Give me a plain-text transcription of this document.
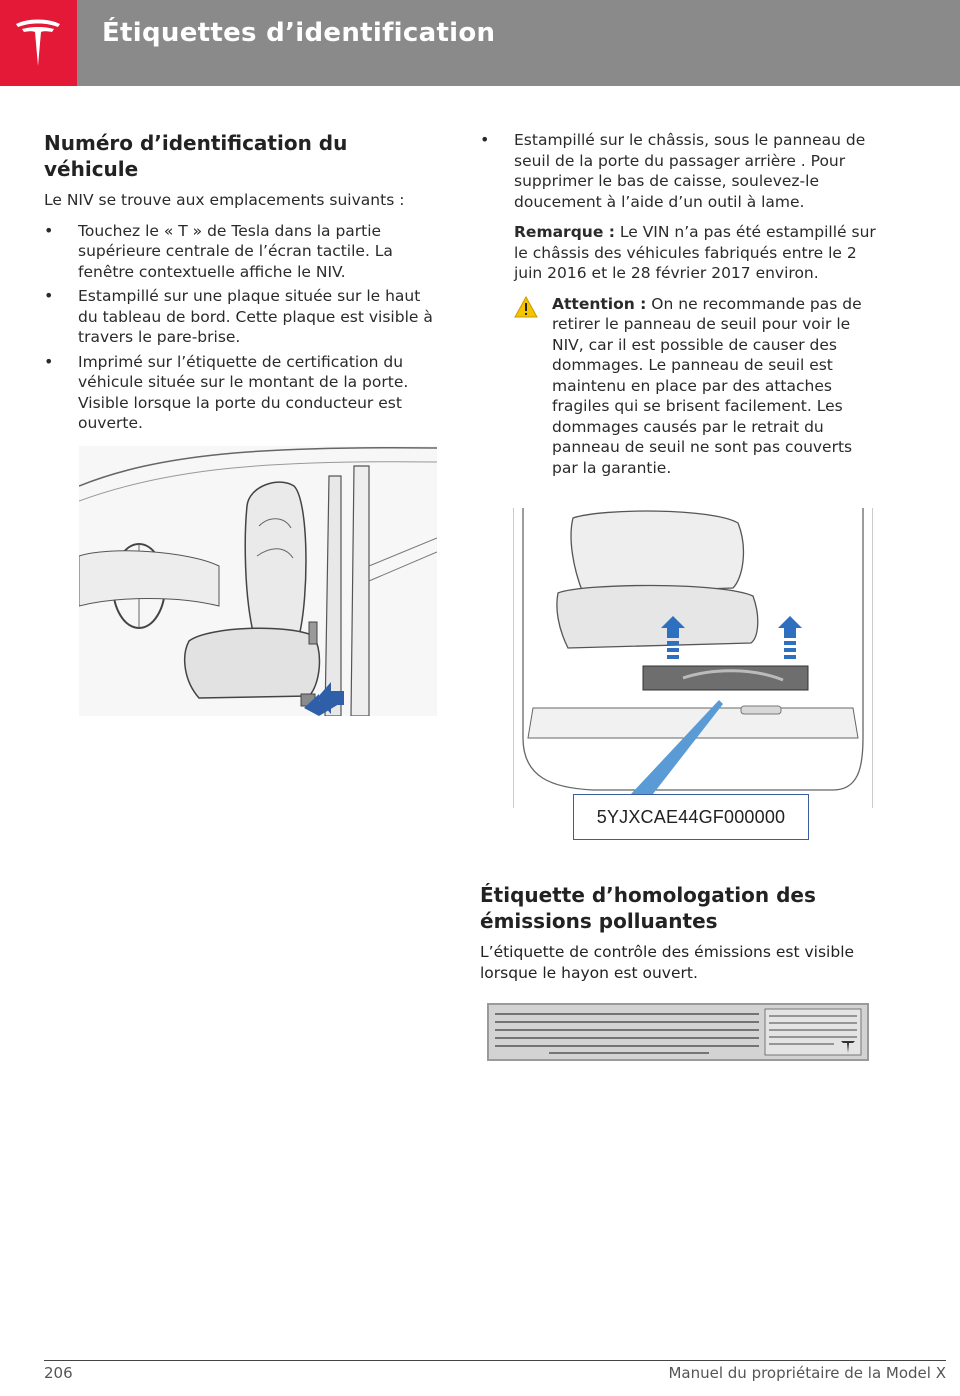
Étiquettes d’identification
Numéro d’identification du véhicule

Le NIV se trouve aux emplacements suivants :

• Touchez le « T » de Tesla dans la partie supérieure centrale de l’écran tactile. La fenêtre contextuelle affiche le NIV.
• Estampillé sur une plaque située sur le haut du tableau de bord. Cette plaque est visible à travers le pare-brise.
• Imprimé sur l’étiquette de certification du véhicule située sur le montant de la porte. Visible lorsque la porte du conducteur est ouverte.
• Estampillé sur le châssis, sous le panneau de seuil de la porte du passager arrière . Pour supprimer le bas de caisse, soulevez-le doucement à l’aide d’un outil à lame.

Remarque : Le VIN n’a pas été estampillé sur le châssis des véhicules fabriqués entre le 2 juin 2016 et le 28 février 2017 environ.

Attention : On ne recommande pas de retirer le panneau de seuil pour voir le NIV, car il est possible de causer des dommages. Le panneau de seuil est maintenu en place par des attaches fragiles qui se brisent facilement. Les dommages causés par le retrait du panneau de seuil ne sont pas couverts par la garantie.

5YJXCAE44GF000000
Étiquette d’homologation des émissions polluantes

L’étiquette de contrôle des émissions est visible lorsque le hayon est ouvert.

206	Manuel du propriétaire de la Model X
